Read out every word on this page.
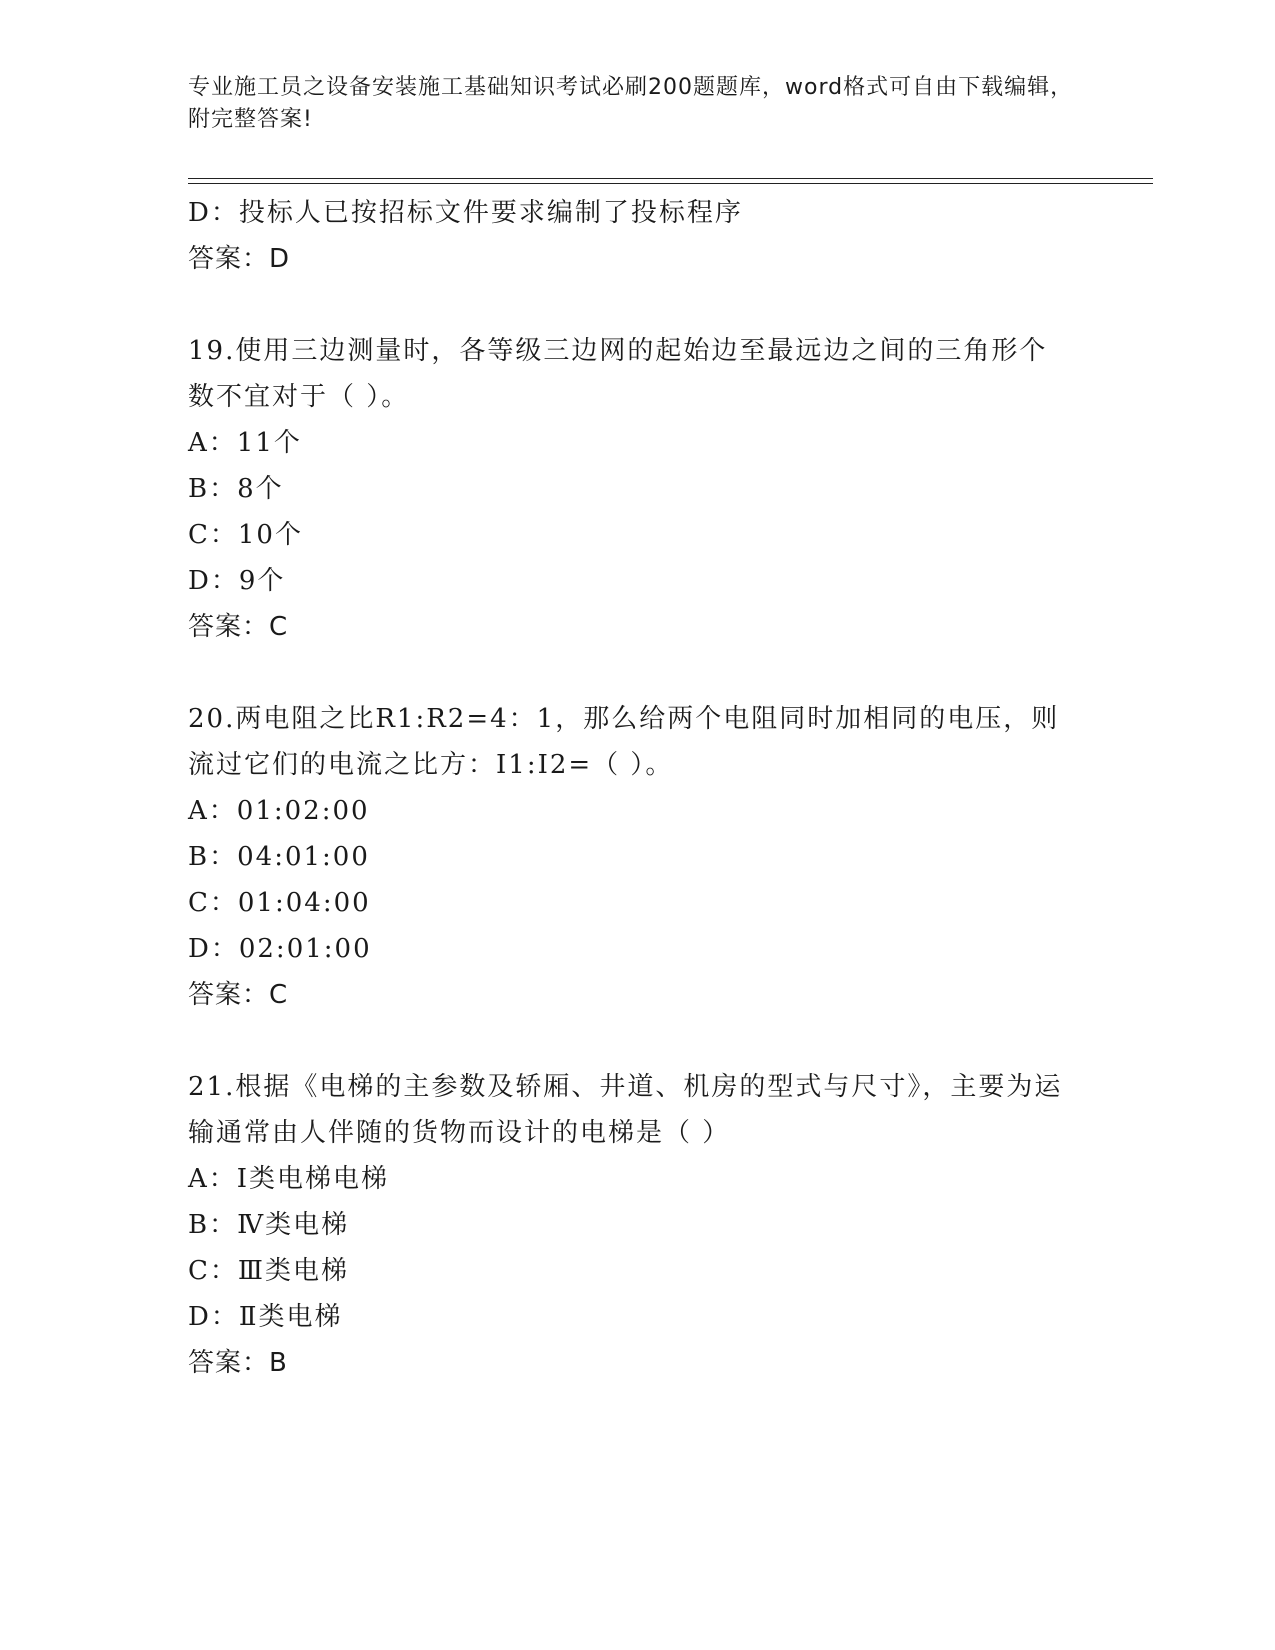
专业施工员之设备安装施工基础知识考试必刷200题题库，word格式可自由下载编辑，附完整答案!
D：投标人已按招标文件要求编制了投标程序
答案：D
19.使用三边测量时，各等级三边网的起始边至最远边之间的三角形个数不宜对于（ ）。
A：11个
B：8个
C：10个
D：9个
答案：C
20.两电阻之比R1:R2=4：1，那么给两个电阻同时加相同的电压，则流过它们的电流之比方：I1:I2=（ ）。
A：01:02:00
B：04:01:00
C：01:04:00
D：02:01:00
答案：C
21.根据《电梯的主参数及轿厢、井道、机房的型式与尺寸》，主要为运输通常由人伴随的货物而设计的电梯是（ ）
A：Ⅰ类电梯电梯
B：Ⅳ类电梯
C：Ⅲ类电梯
D：Ⅱ类电梯
答案：B
